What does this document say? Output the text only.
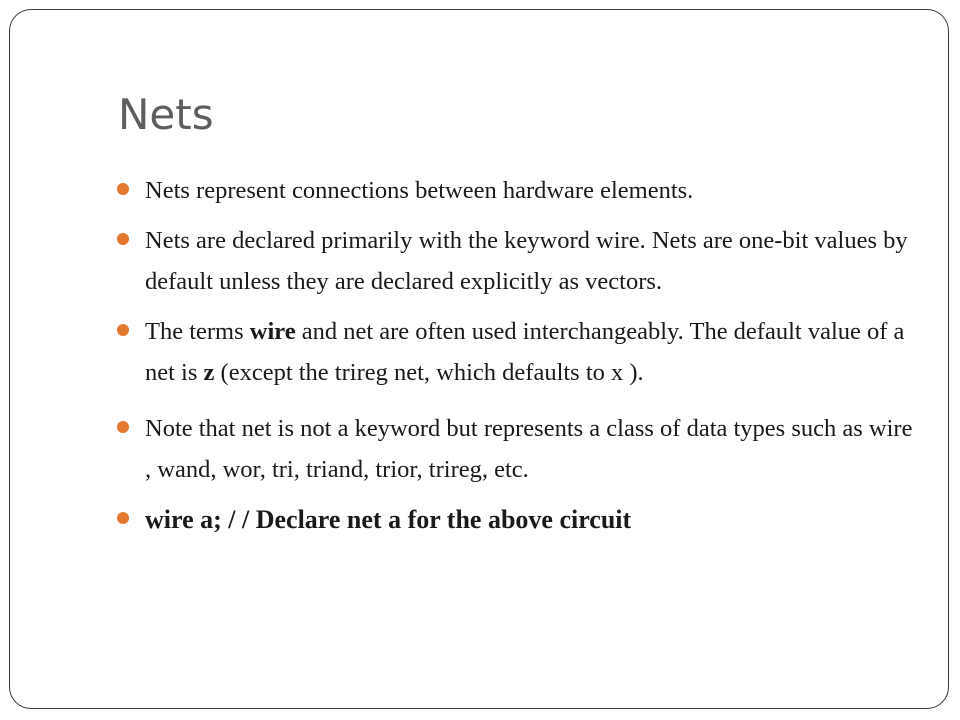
Nets
Nets represent connections between hardware elements.
Nets are declared primarily with the keyword wire. Nets are one-bit values by default unless they are declared explicitly as vectors.
The terms wire and net are often used interchangeably. The default value of a net is z (except the trireg net, which defaults to x ).
Note that net is not a keyword but represents a class of data types such as wire , wand, wor, tri, triand, trior, trireg, etc.
wire a; / / Declare net a for the above circuit
